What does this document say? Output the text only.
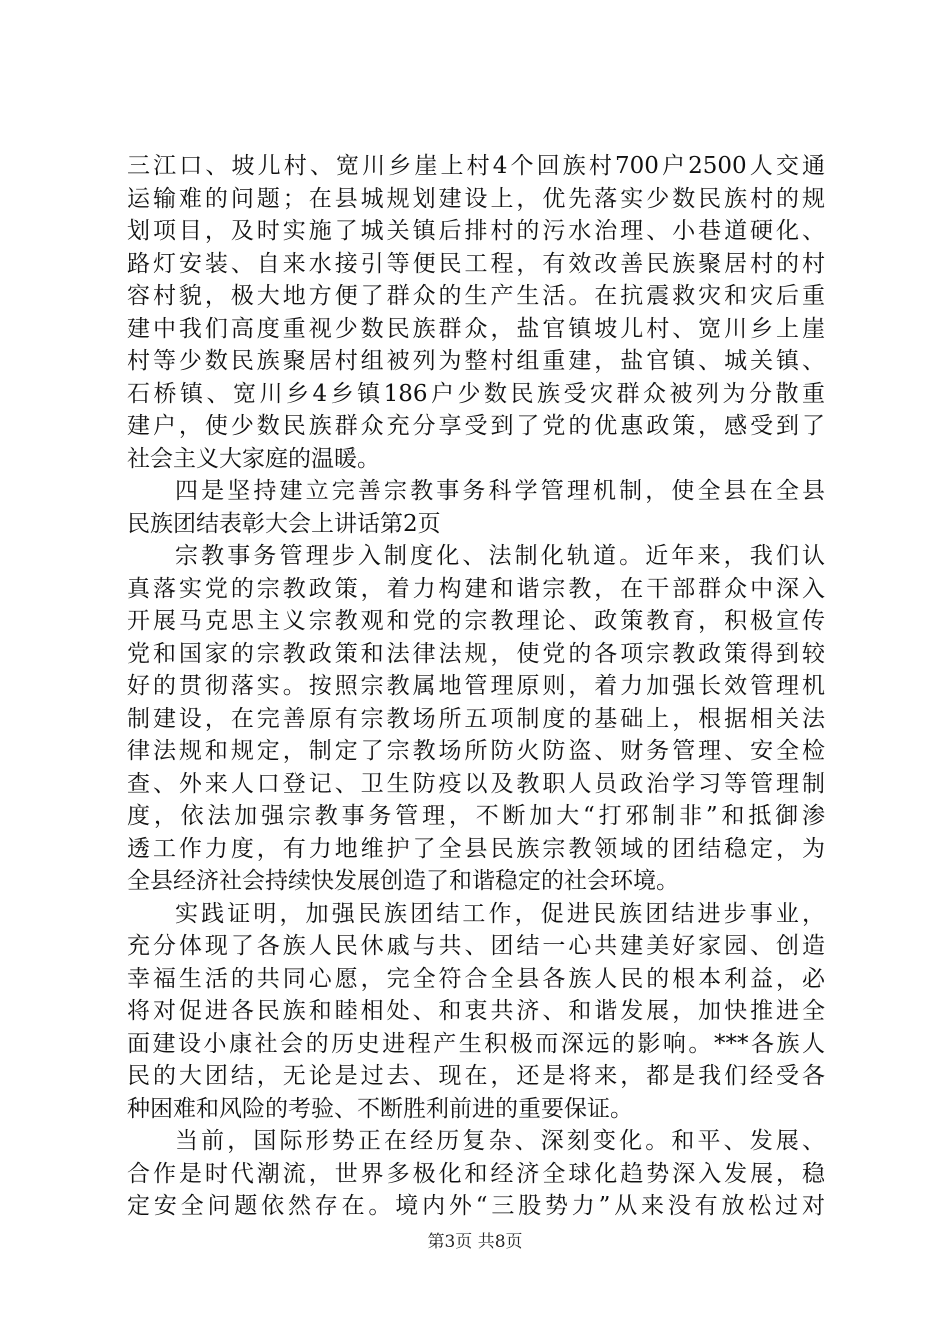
三江口、坡儿村、宽川乡崖上村4个回族村700户2500人交通
运输难的问题；在县城规划建设上，优先落实少数民族村的规
划项目，及时实施了城关镇后排村的污水治理、小巷道硬化、
路灯安装、自来水接引等便民工程，有效改善民族聚居村的村
容村貌，极大地方便了群众的生产生活。在抗震救灾和灾后重
建中我们高度重视少数民族群众，盐官镇坡儿村、宽川乡上崖
村等少数民族聚居村组被列为整村组重建，盐官镇、城关镇、
石桥镇、宽川乡4乡镇186户少数民族受灾群众被列为分散重
建户，使少数民族群众充分享受到了党的优惠政策，感受到了
社会主义大家庭的温暖。
四是坚持建立完善宗教事务科学管理机制，使全县在全县
民族团结表彰大会上讲话第2页
宗教事务管理步入制度化、法制化轨道。近年来，我们认
真落实党的宗教政策，着力构建和谐宗教，在干部群众中深入
开展马克思主义宗教观和党的宗教理论、政策教育，积极宣传
党和国家的宗教政策和法律法规，使党的各项宗教政策得到较
好的贯彻落实。按照宗教属地管理原则，着力加强长效管理机
制建设，在完善原有宗教场所五项制度的基础上，根据相关法
律法规和规定，制定了宗教场所防火防盗、财务管理、安全检
查、外来人口登记、卫生防疫以及教职人员政治学习等管理制
度，依法加强宗教事务管理，不断加大“打邪制非”和抵御渗
透工作力度，有力地维护了全县民族宗教领域的团结稳定，为
全县经济社会持续快发展创造了和谐稳定的社会环境。
实践证明，加强民族团结工作，促进民族团结进步事业，
充分体现了各族人民休戚与共、团结一心共建美好家园、创造
幸福生活的共同心愿，完全符合全县各族人民的根本利益，必
将对促进各民族和睦相处、和衷共济、和谐发展，加快推进全
面建设小康社会的历史进程产生积极而深远的影响。***各族人
民的大团结，无论是过去、现在，还是将来，都是我们经受各
种困难和风险的考验、不断胜利前进的重要保证。
当前，国际形势正在经历复杂、深刻变化。和平、发展、
合作是时代潮流，世界多极化和经济全球化趋势深入发展，稳
定安全问题依然存在。境内外“三股势力”从来没有放松过对
第3页 共8页
